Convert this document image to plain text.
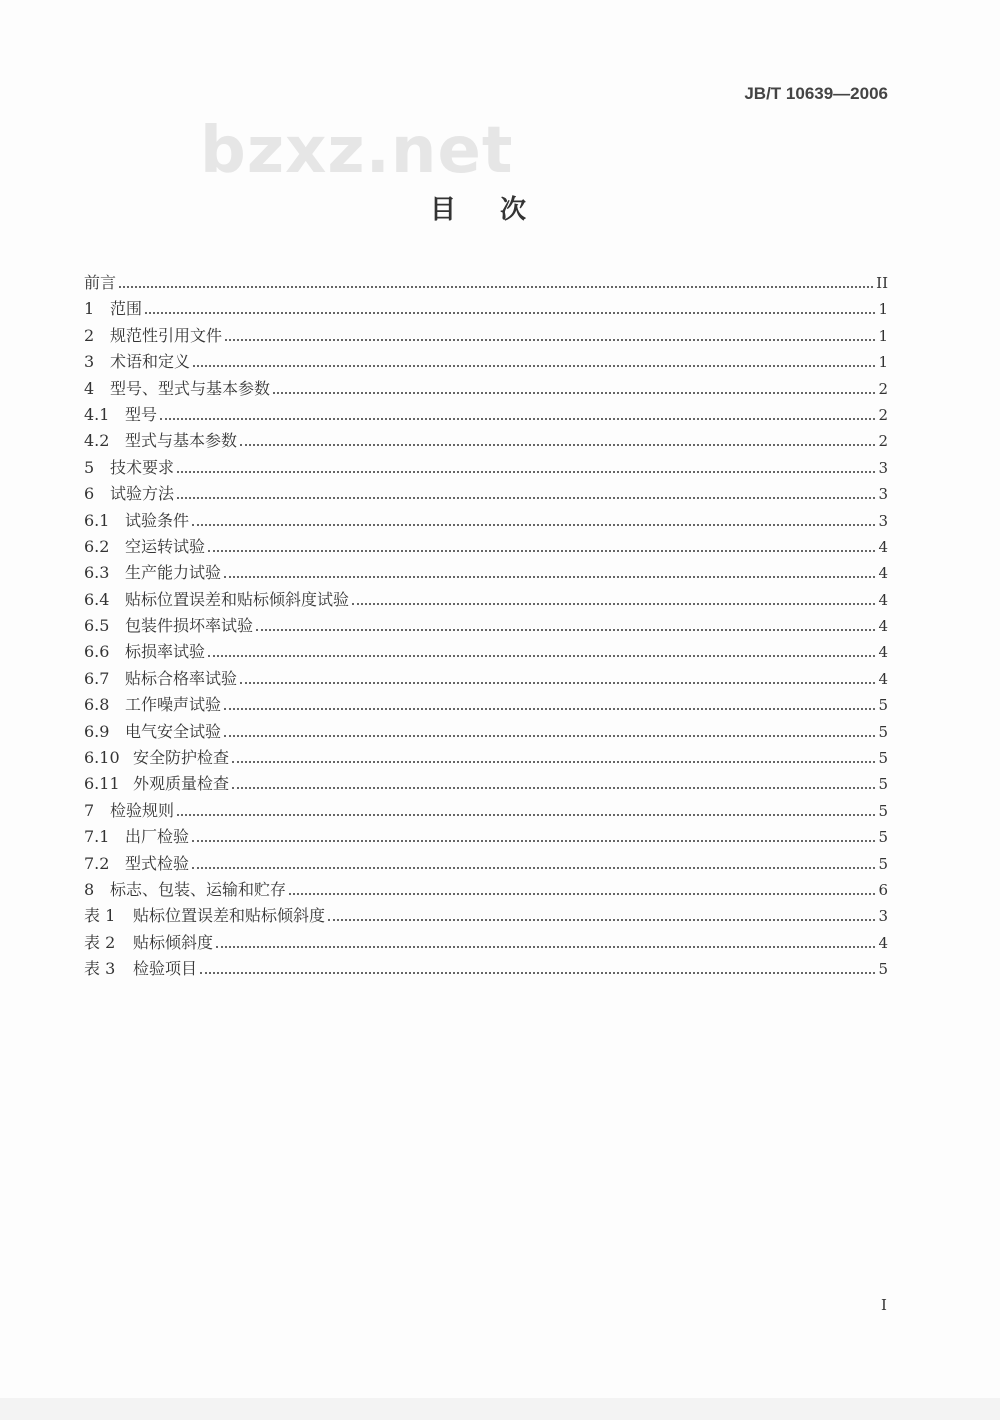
JB/T 10639—2006
bzxz.net
目次
前言	II
1 范围	1
2 规范性引用文件	1
3 术语和定义	1
4 型号、型式与基本参数	2
4.1 型号	2
4.2 型式与基本参数	2
5 技术要求	3
6 试验方法	3
6.1 试验条件	3
6.2 空运转试验	4
6.3 生产能力试验	4
6.4 贴标位置误差和贴标倾斜度试验	4
6.5 包装件损坏率试验	4
6.6 标损率试验	4
6.7 贴标合格率试验	4
6.8 工作噪声试验	5
6.9 电气安全试验	5
6.10 安全防护检查	5
6.11 外观质量检查	5
7 检验规则	5
7.1 出厂检验	5
7.2 型式检验	5
8 标志、包装、运输和贮存	6
表 1	贴标位置误差和贴标倾斜度	3
表 2	贴标倾斜度	4
表 3	检验项目	5
I
